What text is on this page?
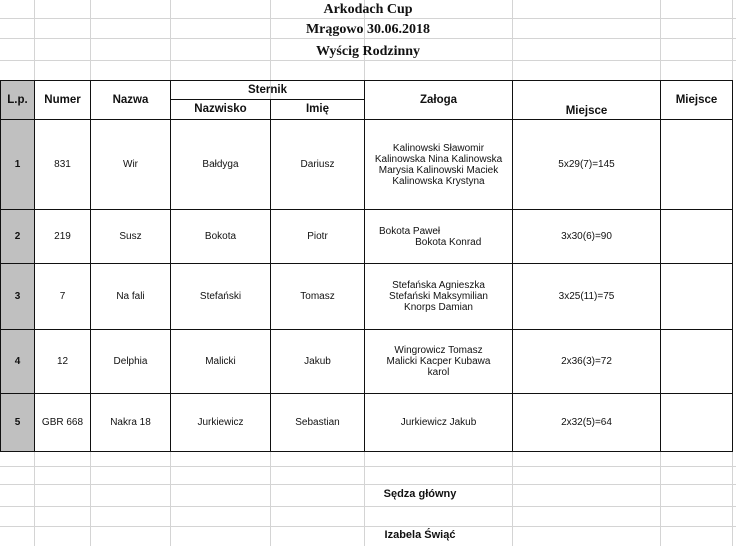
Arkodach Cup
Mrągowo 30.06.2018
Wyścig Rodzinny
L.p.	Numer	Nazwa	Sternik		Załoga	Miejsce	Miejsce
			Nazwisko	Imię			
1	831	Wir	Bałdyga	Dariusz	Kalinowski Sławomir
Kalinowska Nina Kalinowska
Marysia Kalinowski Maciek
Kalinowska Krystyna	5x29(7)=145	
2	219	Susz	Bokota	Piotr	Bokota Paweł
Bokota Konrad	3x30(6)=90	
3	7	Na fali	Stefański	Tomasz	Stefańska Agnieszka
Stefański Maksymilian
Knorps Damian	3x25(11)=75	
4	12	Delphia	Malicki	Jakub	Wingrowicz Tomasz
Malicki Kacper Kubawa
karol	2x36(3)=72	
5	GBR 668	Nakra 18	Jurkiewicz	Sebastian	Jurkiewicz Jakub	2x32(5)=64	
Sędza główny
Izabela Świąć
